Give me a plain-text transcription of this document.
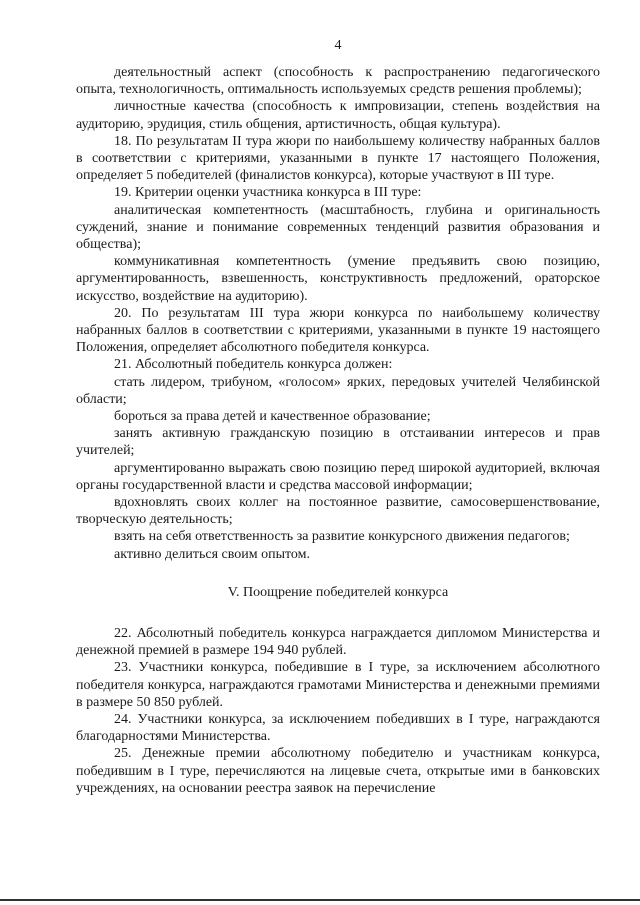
4

деятельностный аспект (способность к распространению педагогического опыта, технологичность, оптимальность используемых средств решения проблемы);

личностные качества (способность к импровизации, степень воздействия на аудиторию, эрудиция, стиль общения, артистичность, общая культура).

18. По результатам II тура жюри по наибольшему количеству набранных баллов в соответствии с критериями, указанными в пункте 17 настоящего Положения, определяет 5 победителей (финалистов конкурса), которые участвуют в III туре.

19. Критерии оценки участника конкурса в III туре:

аналитическая компетентность (масштабность, глубина и оригинальность суждений, знание и понимание современных тенденций развития образования и общества);

коммуникативная компетентность (умение предъявить свою позицию, аргументированность, взвешенность, конструктивность предложений, ораторское искусство, воздействие на аудиторию).

20. По результатам III тура жюри конкурса по наибольшему количеству набранных баллов в соответствии с критериями, указанными в пункте 19 настоящего Положения, определяет абсолютного победителя конкурса.

21. Абсолютный победитель конкурса должен:

стать лидером, трибуном, «голосом» ярких, передовых учителей Челябинской области;

бороться за права детей и качественное образование;

занять активную гражданскую позицию в отстаивании интересов и прав учителей;

аргументированно выражать свою позицию перед широкой аудиторией, включая органы государственной власти и средства массовой информации;

вдохновлять своих коллег на постоянное развитие, самосовершенствование, творческую деятельность;

взять на себя ответственность за развитие конкурсного движения педагогов;

активно делиться своим опытом.

V. Поощрение победителей конкурса

22. Абсолютный победитель конкурса награждается дипломом Министерства и денежной премией в размере 194 940 рублей.

23. Участники конкурса, победившие в I туре, за исключением абсолютного победителя конкурса, награждаются грамотами Министерства и денежными премиями в размере 50 850 рублей.

24. Участники конкурса, за исключением победивших в I туре, награждаются благодарностями Министерства.

25. Денежные премии абсолютному победителю и участникам конкурса, победившим в I туре, перечисляются на лицевые счета, открытые ими в банковских учреждениях, на основании реестра заявок на перечисление
